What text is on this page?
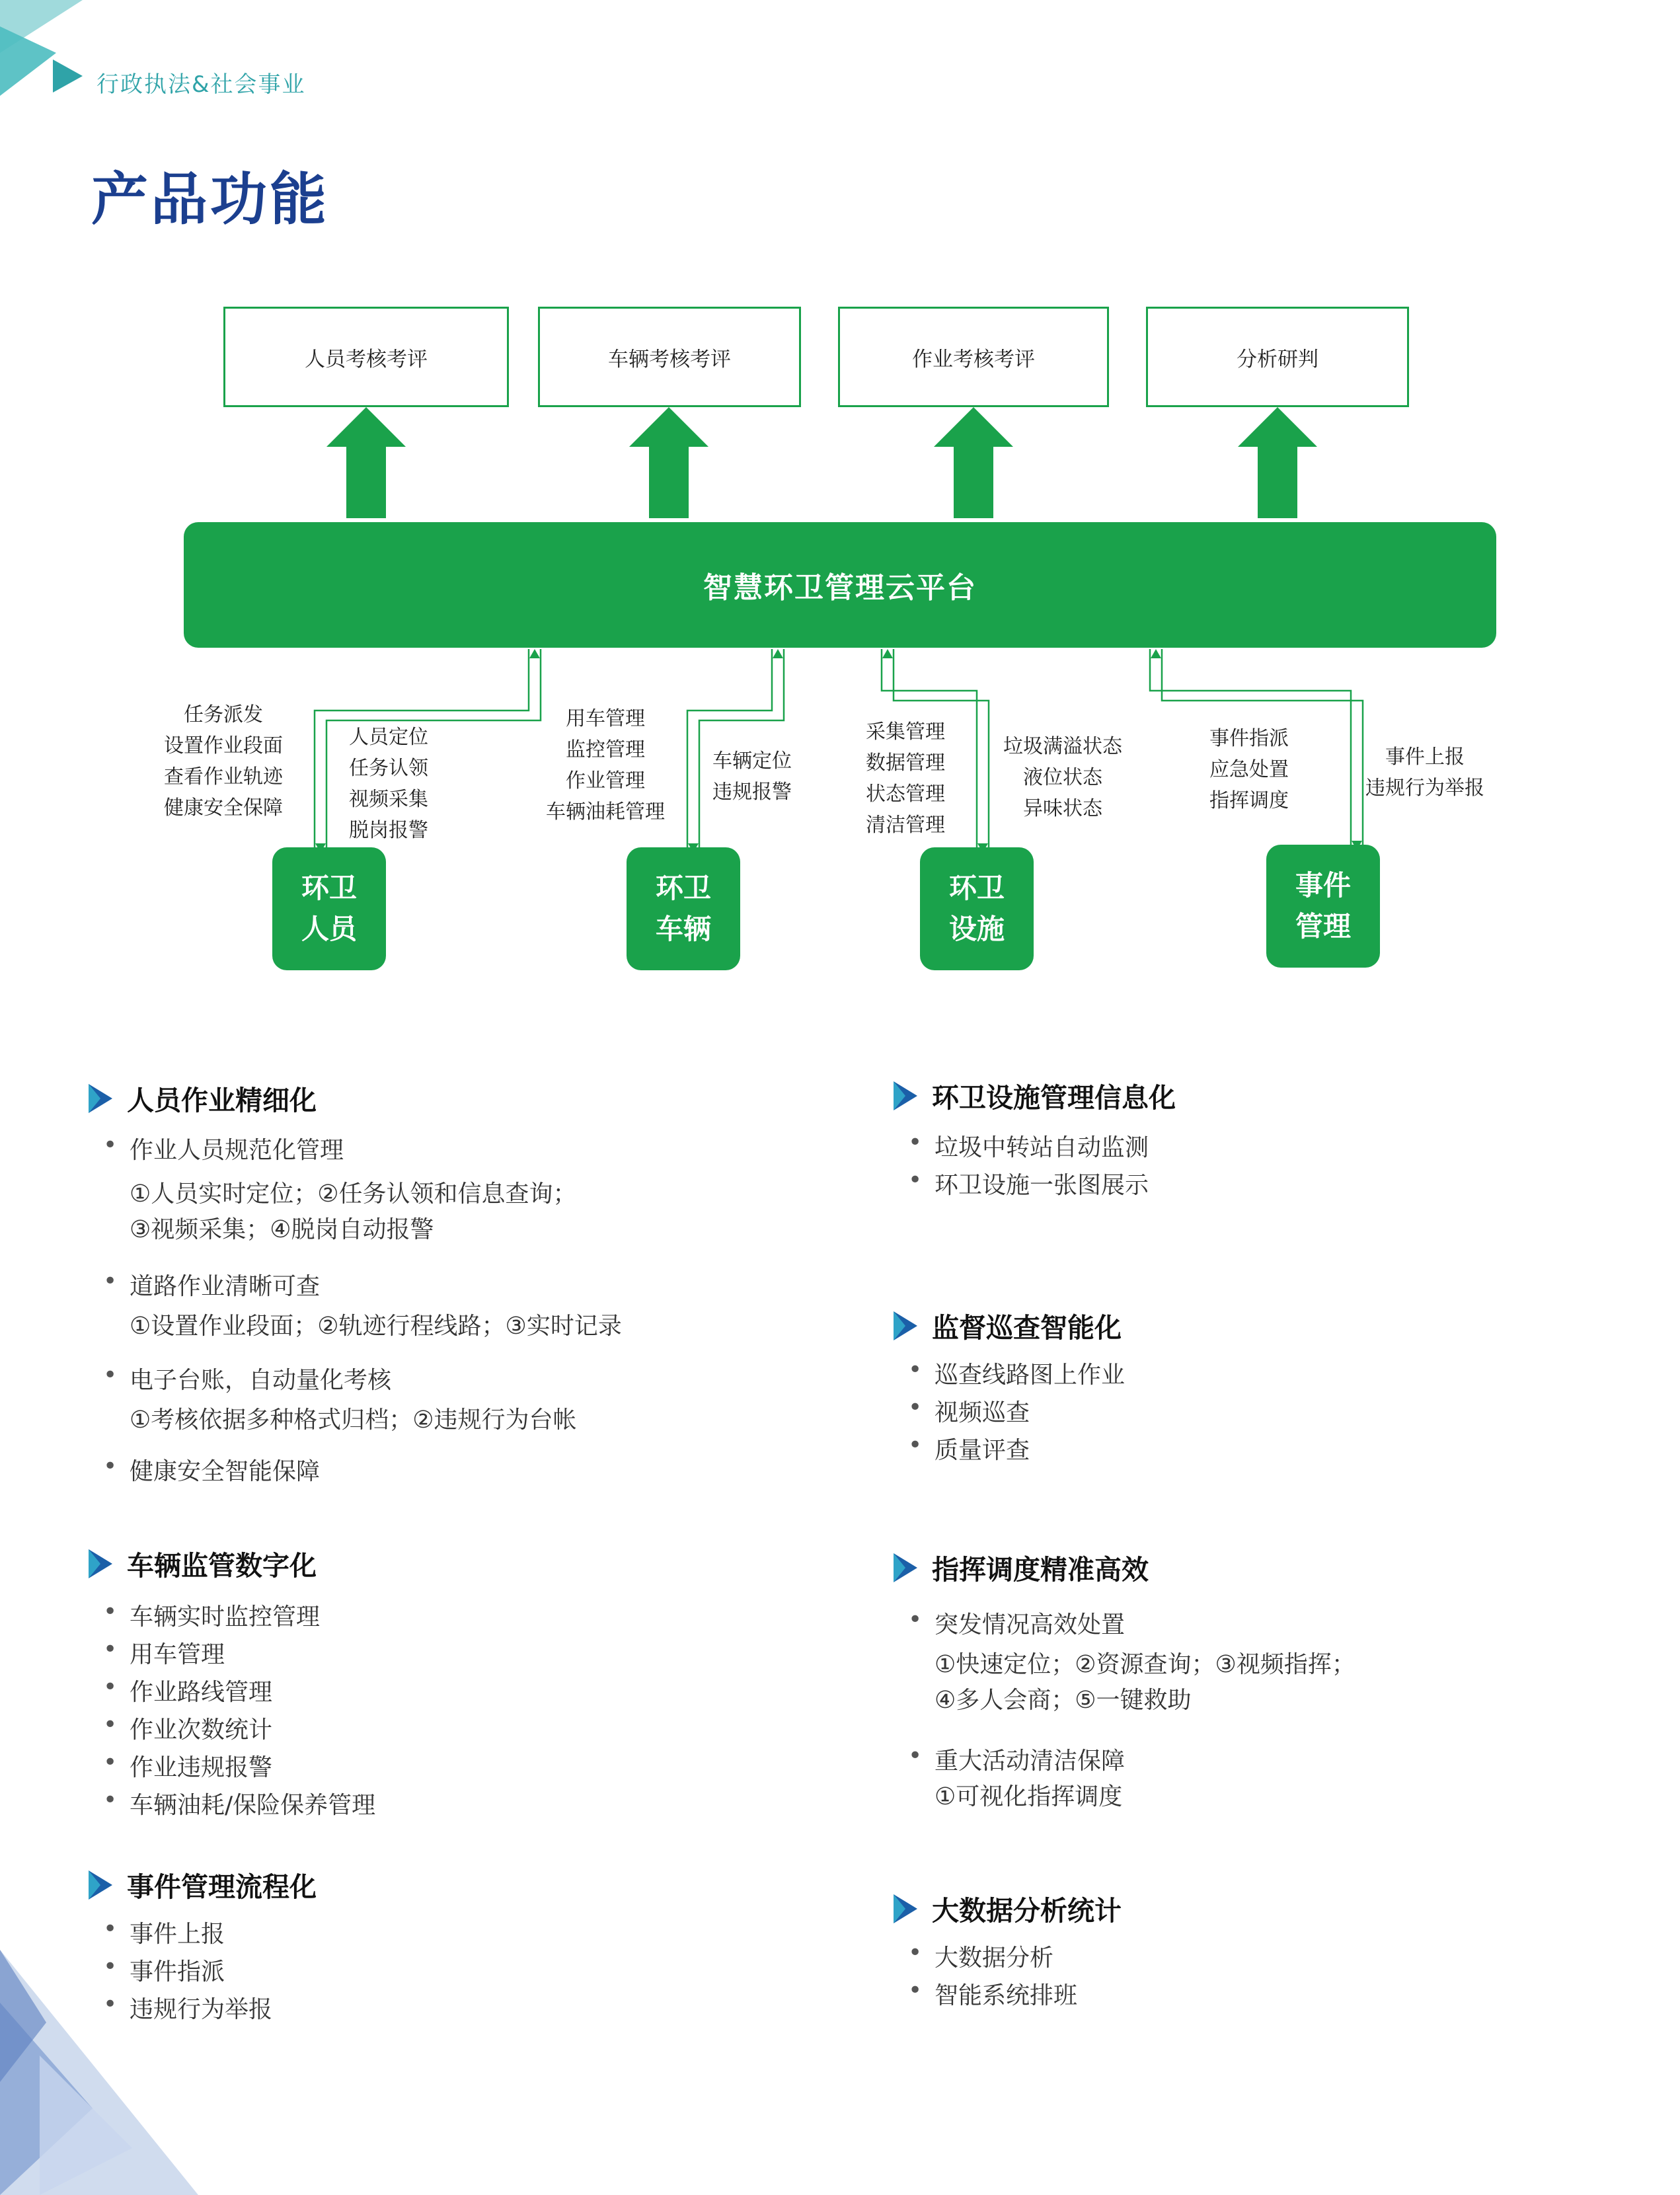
行政执法&社会事业
产品功能
人员考核考评	车辆考核考评	作业考核考评	分析研判
智慧环卫管理云平台
任务派发
设置作业段面
查看作业轨迹
健康安全保障
人员定位
任务认领
视频采集
脱岗报警
用车管理
监控管理
作业管理
车辆油耗管理
车辆定位
违规报警
采集管理
数据管理
状态管理
清洁管理
垃圾满溢状态
液位状态
异味状态
事件指派
应急处置
指挥调度
事件上报
违规行为举报
环卫
人员
环卫
车辆
环卫
设施
事件
管理
人员作业精细化
• 作业人员规范化管理
①人员实时定位；②任务认领和信息查询；
③视频采集；④脱岗自动报警
• 道路作业清晰可查
①设置作业段面；②轨迹行程线路；③实时记录
• 电子台账，自动量化考核
①考核依据多种格式归档；②违规行为台帐
• 健康安全智能保障
车辆监管数字化
• 车辆实时监控管理
• 用车管理
• 作业路线管理
• 作业次数统计
• 作业违规报警
• 车辆油耗/保险保养管理
事件管理流程化
• 事件上报
• 事件指派
• 违规行为举报
环卫设施管理信息化
• 垃圾中转站自动监测
• 环卫设施一张图展示
监督巡查智能化
• 巡查线路图上作业
• 视频巡查
• 质量评查
指挥调度精准高效
• 突发情况高效处置
①快速定位；②资源查询；③视频指挥；
④多人会商；⑤一键救助
• 重大活动清洁保障
①可视化指挥调度
大数据分析统计
• 大数据分析
• 智能系统排班
